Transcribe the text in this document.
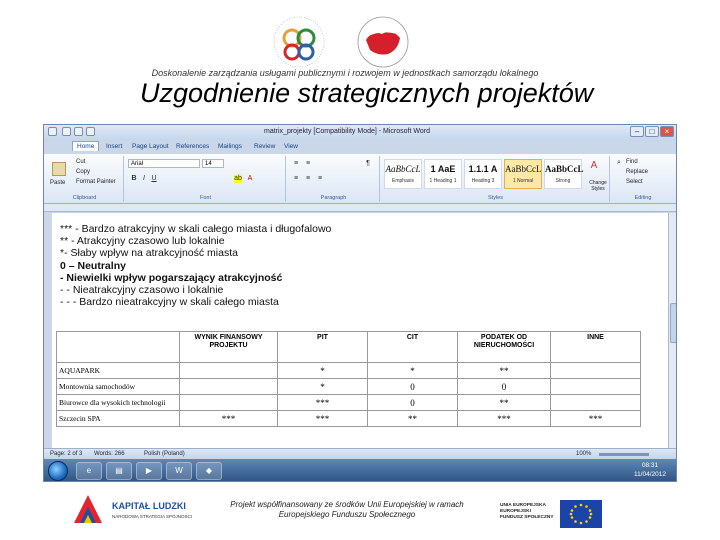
Doskonalenie zarządzania usługami publicznymi i rozwojem w jednostkach samorządu lokalnego
Uzgodnienie strategicznych projektów
matrix_projekty [Compatibility Mode] - Microsoft Word	–	□	×
Home	Insert	Page Layout	References	Mailings	Review	View
Paste
Cut
Copy
Format Painter
Clipboard
Arial	14
B I U	A
ab
Font
≡ ≡	¶
≡ ≡ ≡
Paragraph
AaBbCcL
Emphasis
1 AaE
1 Heading 1
1.1.1 A
Heading 3
AaBbCcL
1 Normal
AaBbCcL
Strong	Change Styles
A
Styles
Find
Replace
Select
⌕
Editing
*** - Bardzo atrakcyjny w skali całego miasta i długofalowo
** - Atrakcyjny czasowo lub lokalnie
*- Słaby wpływ na atrakcyjność miasta
0 – Neutralny
- Niewielki wpływ pogarszający atrakcyjność
- - Nieatrakcyjny czasowo i lokalnie
- - - Bardzo nieatrakcyjny w skali całego miasta
	WYNIK FINANSOWY PROJEKTU	PIT	CIT	PODATEK OD NIERUCHOMOŚCI	INNE
AQUAPARK		*	*	**	
Montownia samochodów		*	0	0	
Biurowce dla wysokich technologii		***	0	**	
Szczecin SPA	***	***	**	***	***
Page: 2 of 3 Words: 266	Polish (Poland)	100%
e	▤	▶	W	◆
08:31
11/04/2012
KAPITAŁ LUDZKI
NARODOWA STRATEGIA SPÓJNOŚCI
Projekt współfinansowany ze środków Unii Europejskiej w ramach Europejskiego Funduszu Społecznego
UNIA EUROPEJSKA EUROPEJSKI FUNDUSZ SPOŁECZNY
